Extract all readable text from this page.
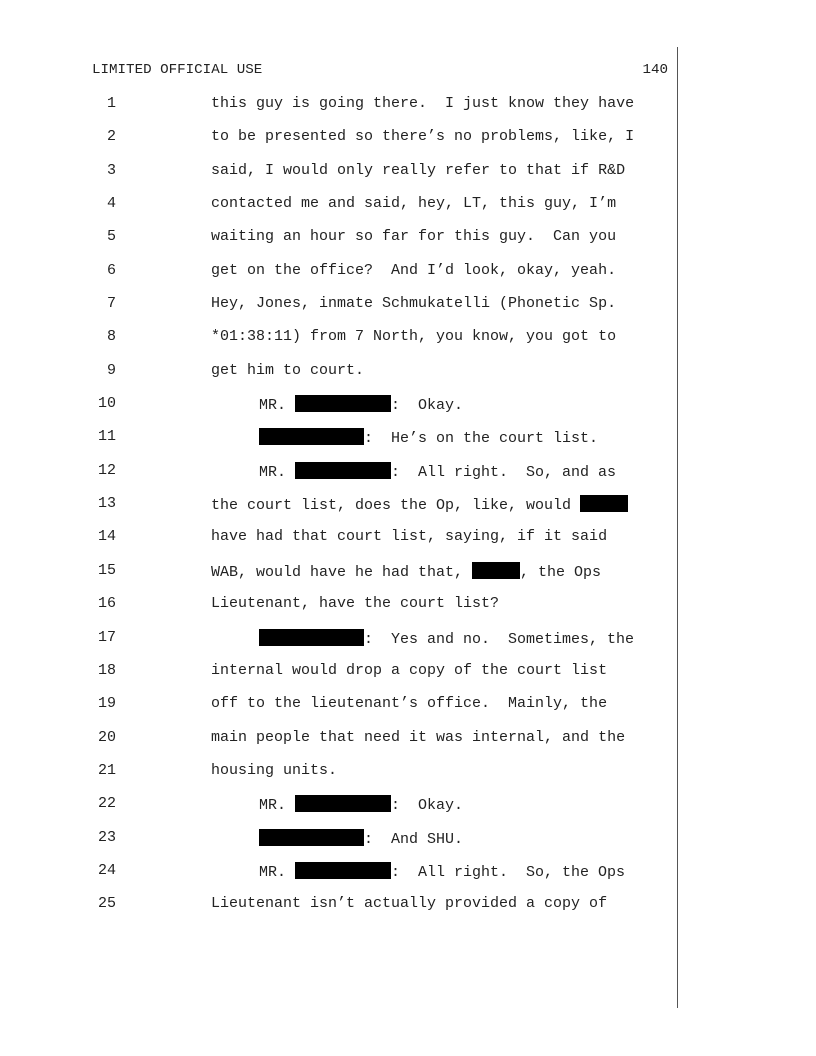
LIMITED OFFICIAL USE	140
1	this guy is going there.  I just know they have
2	to be presented so there’s no problems, like, I
3	said, I would only really refer to that if R&D
4	contacted me and said, hey, LT, this guy, I’m
5	waiting an hour so far for this guy.  Can you
6	get on the office?  And I’d look, okay, yeah.
7	Hey, Jones, inmate Schmukatelli (Phonetic Sp.
8	*01:38:11) from 7 North, you know, you got to
9	get him to court.
10	MR.	:  Okay.
11	:  He’s on the court list.
12	MR.	:  All right.  So, and as
13	the court list, does the Op, like, would
14	have had that court list, saying, if it said
15	WAB, would have he had that,	, the Ops
16	Lieutenant, have the court list?
17	:  Yes and no.  Sometimes, the
18	internal would drop a copy of the court list
19	off to the lieutenant’s office.  Mainly, the
20	main people that need it was internal, and the
21	housing units.
22	MR.	:  Okay.
23	:  And SHU.
24	MR.	:  All right.  So, the Ops
25	Lieutenant isn’t actually provided a copy of
